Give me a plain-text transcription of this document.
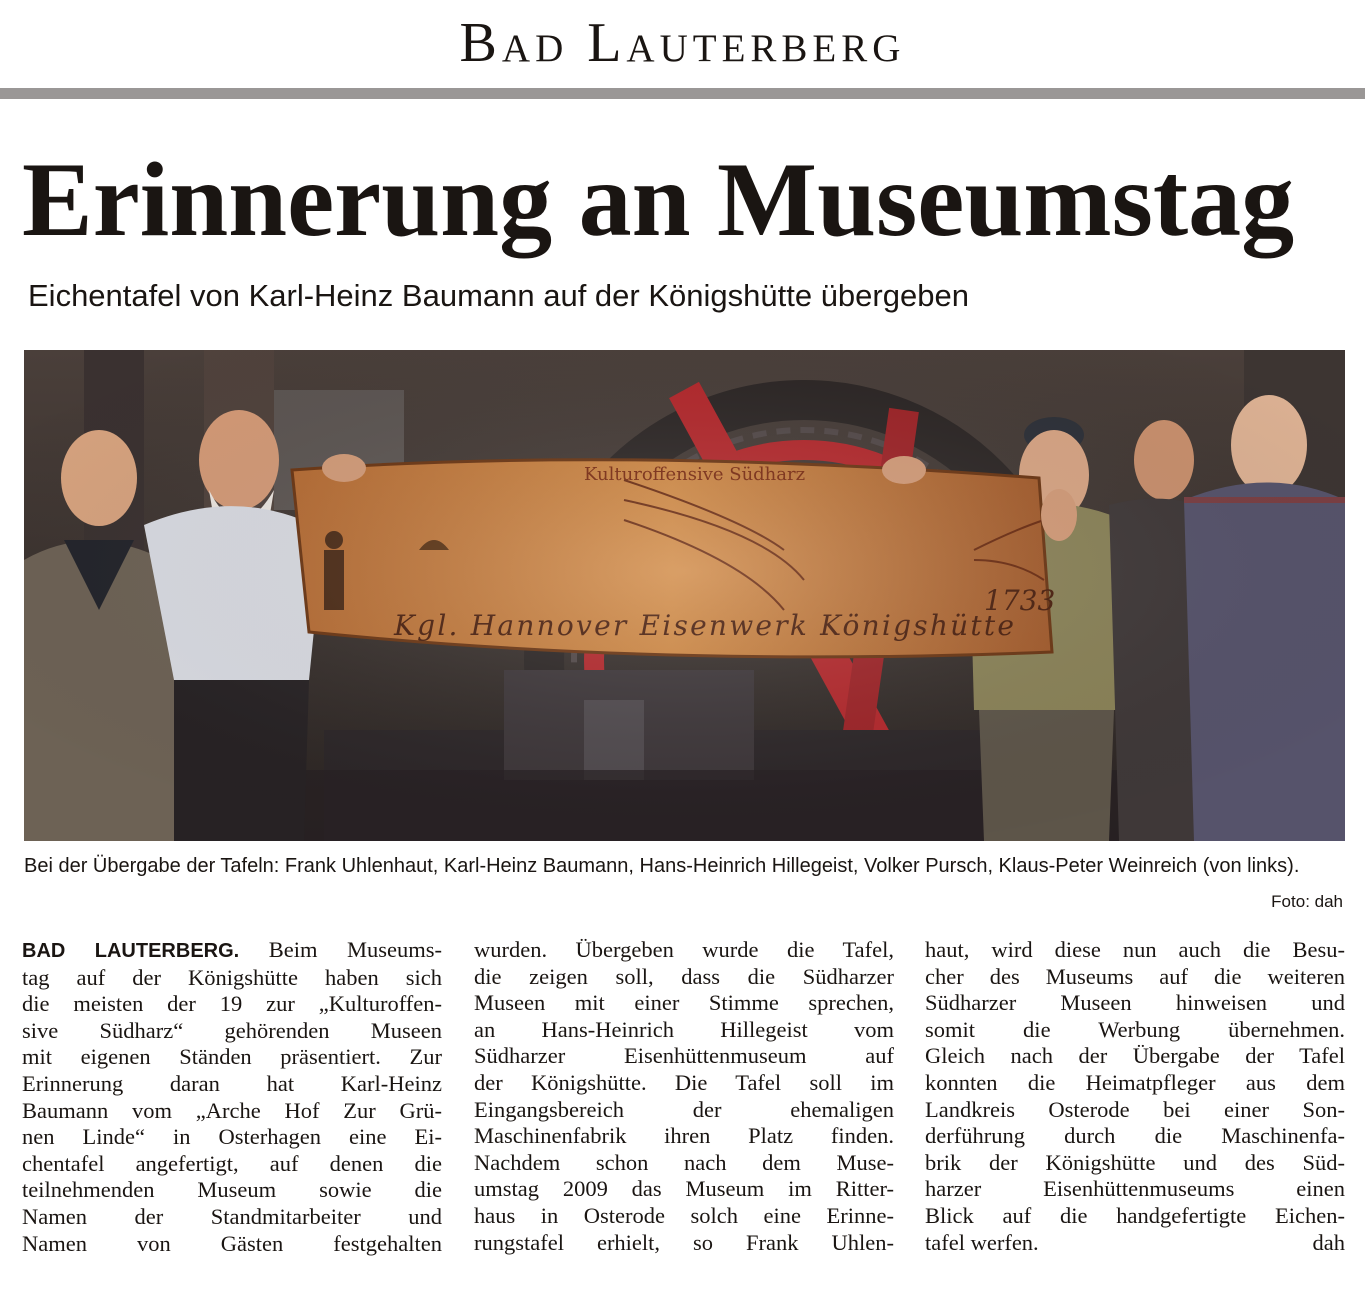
Bad Lauterberg
Erinnerung an Museumstag
Eichentafel von Karl-Heinz Baumann auf der Königshütte übergeben
Bei der Übergabe der Tafeln: Frank Uhlenhaut, Karl-Heinz Baumann, Hans-Heinrich Hillegeist, Volker Pursch, Klaus-Peter Weinreich (von links).
Foto: dah
BAD LAUTERBERG. Beim Museums-
tag auf der Königshütte haben sich
die meisten der 19 zur „Kulturoffen-
sive Südharz“ gehörenden Museen
mit eigenen Ständen präsentiert. Zur
Erinnerung daran hat Karl-Heinz
Baumann vom „Arche Hof Zur Grü-
nen Linde“ in Osterhagen eine Ei-
chentafel angefertigt, auf denen die
teilnehmenden Museum sowie die
Namen der Standmitarbeiter und
Namen von Gästen festgehalten
wurden. Übergeben wurde die Tafel,
die zeigen soll, dass die Südharzer
Museen mit einer Stimme sprechen,
an Hans-Heinrich Hillegeist vom
Südharzer Eisenhüttenmuseum auf
der Königshütte. Die Tafel soll im
Eingangsbereich der ehemaligen
Maschinenfabrik ihren Platz finden.
Nachdem schon nach dem Muse-
umstag 2009 das Museum im Ritter-
haus in Osterode solch eine Erinne-
rungstafel erhielt, so Frank Uhlen-
haut, wird diese nun auch die Besu-
cher des Museums auf die weiteren
Südharzer Museen hinweisen und
somit die Werbung übernehmen.
Gleich nach der Übergabe der Tafel
konnten die Heimatpfleger aus dem
Landkreis Osterode bei einer Son-
derführung durch die Maschinenfa-
brik der Königshütte und des Süd-
harzer Eisenhüttenmuseums einen
Blick auf die handgefertigte Eichen-
tafel werfen.	dah
